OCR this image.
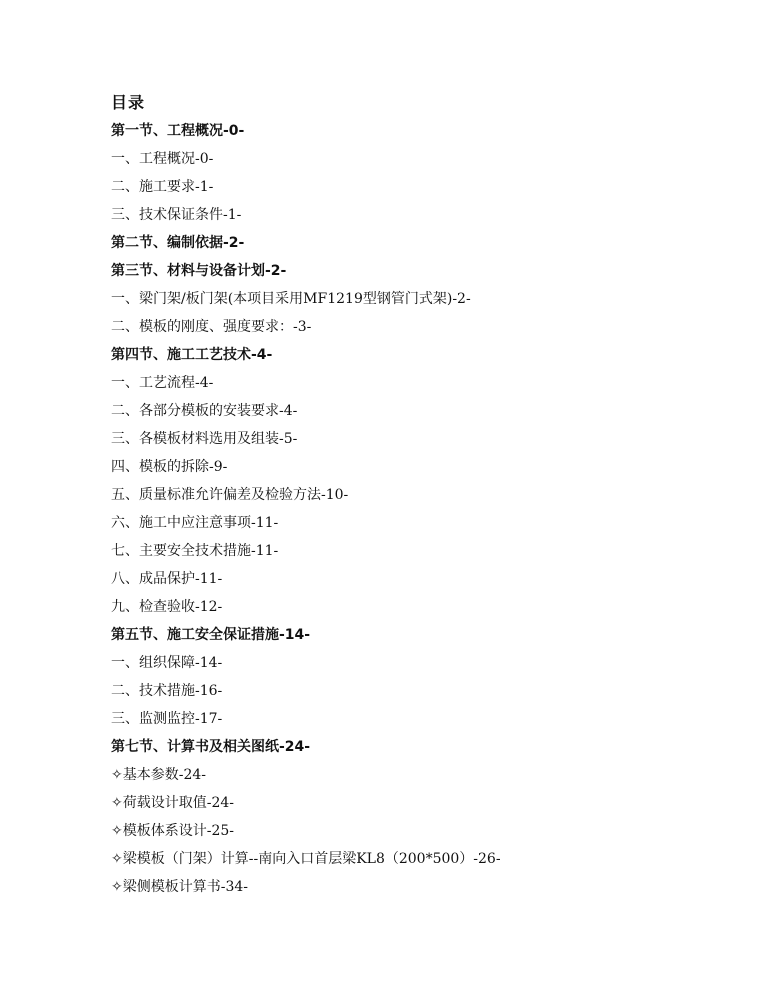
目录
第一节、工程概况-0-
一、工程概况-0-
二、施工要求-1-
三、技术保证条件-1-
第二节、编制依据-2-
第三节、材料与设备计划-2-
一、梁门架/板门架(本项目采用MF1219型钢管门式架)-2-
二、模板的刚度、强度要求：-3-
第四节、施工工艺技术-4-
一、工艺流程-4-
二、各部分模板的安装要求-4-
三、各模板材料选用及组装-5-
四、模板的拆除-9-
五、质量标准允许偏差及检验方法-10-
六、施工中应注意事项-11-
七、主要安全技术措施-11-
八、成品保护-11-
九、检查验收-12-
第五节、施工安全保证措施-14-
一、组织保障-14-
二、技术措施-16-
三、监测监控-17-
第七节、计算书及相关图纸-24-
✧基本参数-24-
✧荷载设计取值-24-
✧模板体系设计-25-
✧梁模板（门架）计算--南向入口首层梁KL8（200*500）-26-
✧梁侧模板计算书-34-
